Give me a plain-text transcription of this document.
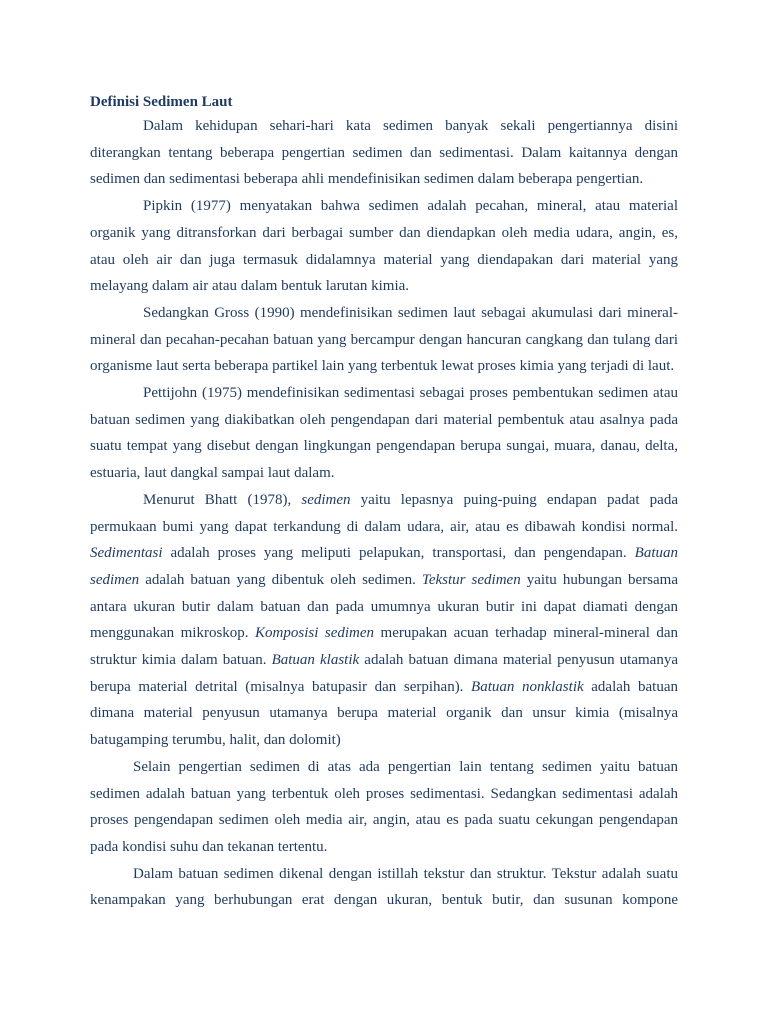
Definisi Sedimen Laut

Dalam kehidupan sehari-hari kata sedimen banyak sekali pengertiannya disini diterangkan tentang beberapa pengertian sedimen dan sedimentasi. Dalam kaitannya dengan sedimen dan sedimentasi beberapa ahli mendefinisikan sedimen dalam beberapa pengertian.

Pipkin (1977) menyatakan bahwa sedimen adalah pecahan, mineral, atau material organik yang ditransforkan dari berbagai sumber dan diendapkan oleh media udara, angin, es, atau oleh air dan juga termasuk didalamnya material yang diendapakan dari material yang melayang dalam air atau dalam bentuk larutan kimia.

Sedangkan Gross (1990) mendefinisikan sedimen laut sebagai akumulasi dari mineral-mineral dan pecahan-pecahan batuan yang bercampur dengan hancuran cangkang dan tulang dari organisme laut serta beberapa partikel lain yang terbentuk lewat proses kimia yang terjadi di laut.

Pettijohn (1975) mendefinisikan sedimentasi sebagai proses pembentukan sedimen atau batuan sedimen yang diakibatkan oleh pengendapan dari material pembentuk atau asalnya pada suatu tempat yang disebut dengan lingkungan pengendapan berupa sungai, muara, danau, delta, estuaria, laut dangkal sampai laut dalam.

Menurut Bhatt (1978), sedimen yaitu lepasnya puing-puing endapan padat pada permukaan bumi yang dapat terkandung di dalam udara, air, atau es dibawah kondisi normal. Sedimentasi adalah proses yang meliputi pelapukan, transportasi, dan pengendapan. Batuan sedimen adalah batuan yang dibentuk oleh sedimen. Tekstur sedimen yaitu hubungan bersama antara ukuran butir dalam batuan dan pada umumnya ukuran butir ini dapat diamati dengan menggunakan mikroskop. Komposisi sedimen merupakan acuan terhadap mineral-mineral dan struktur kimia dalam batuan. Batuan klastik adalah batuan dimana material penyusun utamanya berupa material detrital (misalnya batupasir dan serpihan). Batuan nonklastik adalah batuan dimana material penyusun utamanya berupa material organik dan unsur kimia (misalnya batugamping terumbu, halit, dan dolomit)

Selain pengertian sedimen di atas ada pengertian lain tentang sedimen yaitu batuan sedimen adalah batuan yang terbentuk oleh proses sedimentasi. Sedangkan sedimentasi adalah proses pengendapan sedimen oleh media air, angin, atau es pada suatu cekungan pengendapan pada kondisi suhu dan tekanan tertentu.

Dalam batuan sedimen dikenal dengan istillah tekstur dan struktur. Tekstur adalah suatu kenampakan yang berhubungan erat dengan ukuran, bentuk butir, dan susunan kompone
